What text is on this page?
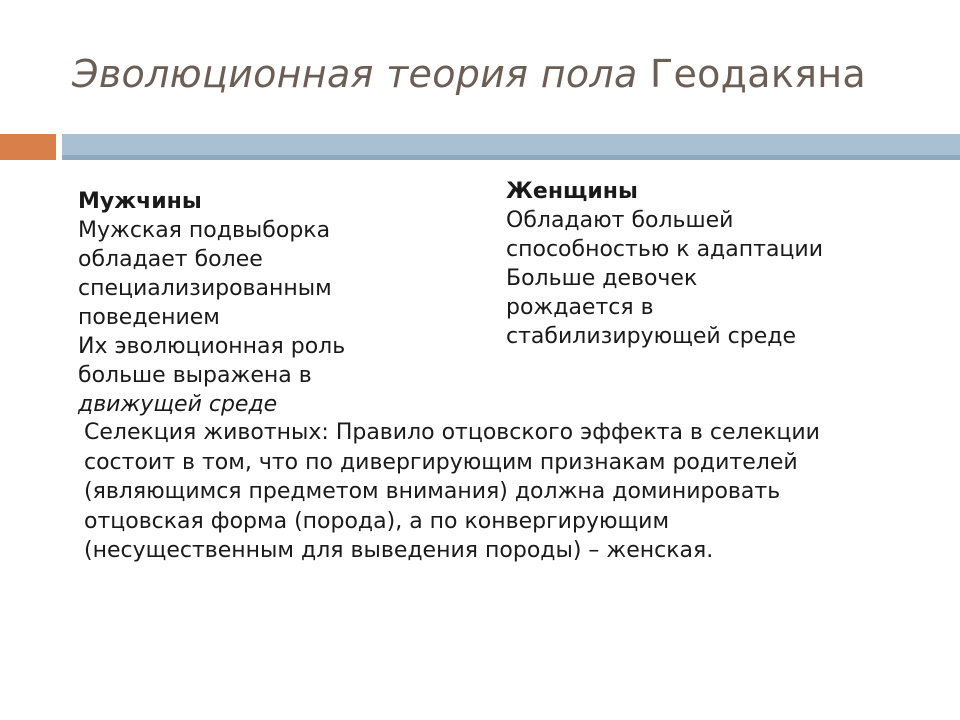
Эволюционная теория пола Геодакяна
Мужчины
Мужская подвыборка
обладает более
специализированным
поведением
Их эволюционная роль
больше выражена в
движущей среде
Женщины
Обладают большей
способностью к адаптации
Больше девочек
рождается в
стабилизирующей среде
Селекция животных: Правило отцовского эффекта в селекции
состоит в том, что по дивергирующим признакам родителей
(являющимся предметом внимания) должна доминировать
отцовская форма (порода), а по конвергирующим
(несущественным для выведения породы) – женская.
